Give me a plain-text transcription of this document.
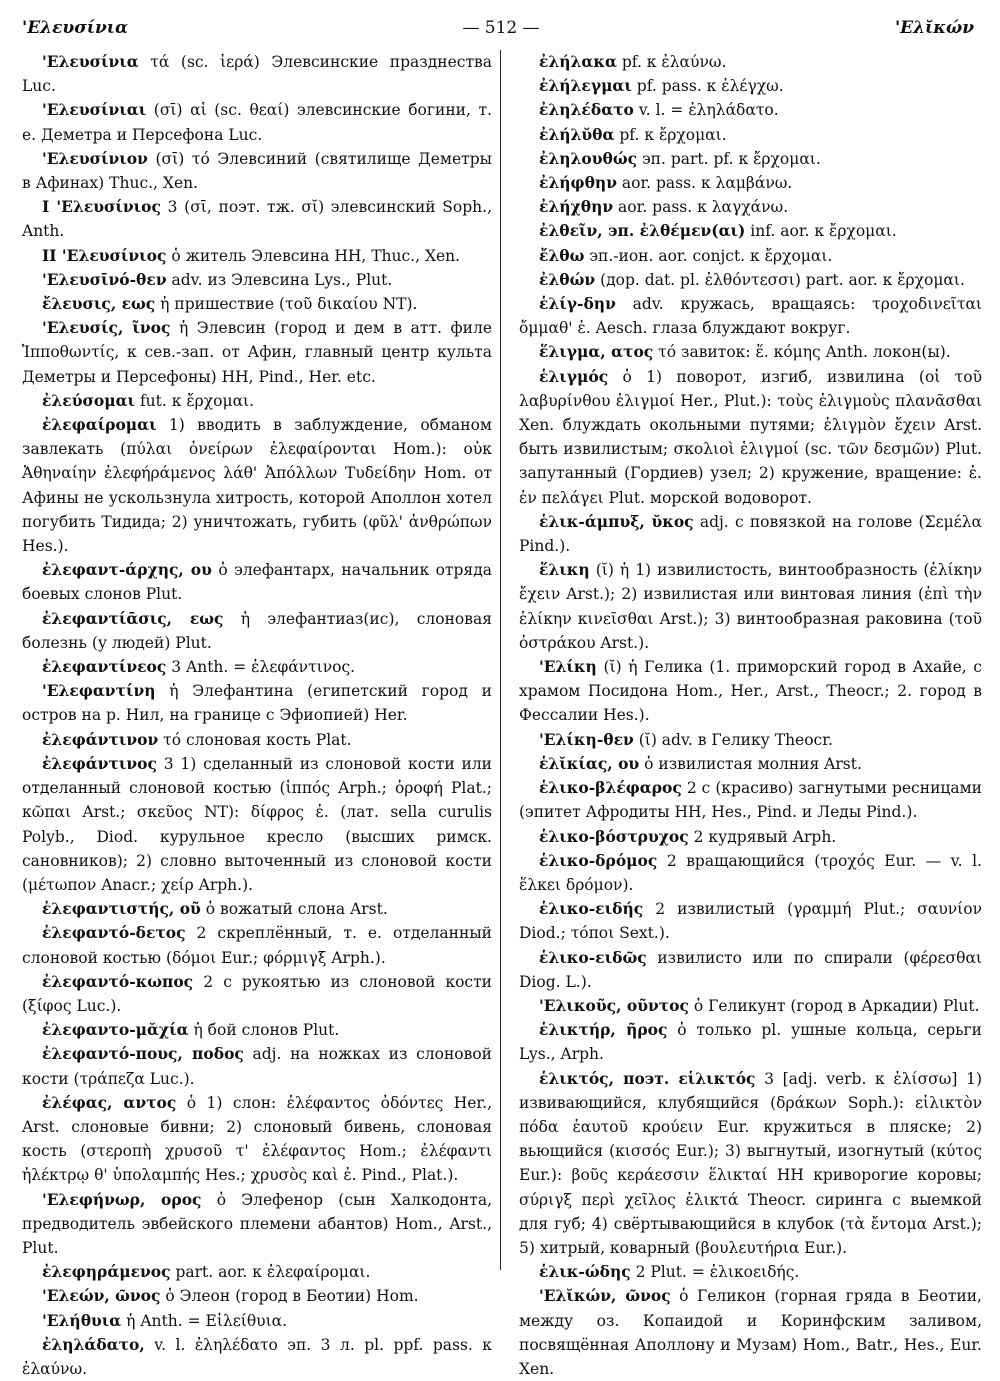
'Ελευσίνια	— 512 —	'Ελῐκών

'Ελευσίνια τά (sc. ἱερά) Элевсинские празднества Luc.

'Ελευσίνιαι (σῑ) αἱ (sc. θεαί) элевсинские богини, т. е. Деметра и Персефона Luc.

'Ελευσίνιον (σῑ) τό Элевсиний (святилище Деметры в Афинах) Thuc., Xen.

I 'Ελευσίνιος 3 (σῑ, поэт. тж. σῐ) элевсинский Soph., Anth.

II 'Ελευσίνιος ὁ житель Элевсина HH, Thuc., Xen.

'Ελευσῑνό-θεν adv. из Элевсина Lys., Plut.

ἔλευσις, εως ἡ пришествие (τοῦ δικαίου NT).

'Ελευσίς, ῖνος ἡ Элевсин (город и дем в атт. филе Ἱπποθωντίς, к сев.-зап. от Афин, главный центр культа Деметры и Персефоны) HH, Pind., Her. etc.

ἐλεύσομαι fut. к ἔρχομαι.

ἐλεφαίρομαι 1) вводить в заблуждение, обманом завлекать (πύλαι ὀνείρων ἐλεφαίρονται Hom.): οὐκ Ἀθηναίην ἐλεφήράμενος λάθ' Ἀπόλλων Τυδείδην Hom. от Афины не ускользнула хитрость, которой Аполлон хотел погубить Тидида; 2) уничтожать, губить (φῦλ' ἀνθρώπων Hes.).

ἐλεφαντ-άρχης, ου ὁ элефантарх, начальник отряда боевых слонов Plut.

ἐλεφαντίᾱσις, εως ἡ элефантиаз(ис), слоновая болезнь (у людей) Plut.

ἐλεφαντίνεος 3 Anth. = ἐλεφάντινος.

'Ελεφαντίνη ἡ Элефантина (египетский город и остров на р. Нил, на границе с Эфиопией) Her.

ἐλεφάντινον τό слоновая кость Plat.

ἐλεφάντινος 3 1) сделанный из слоновой кости или отделанный слоновой костью (ἱππός Arph.; ὀροφή Plat.; κῶπαι Arst.; σκεῦος NT): δίφρος ἐ. (лат. sella curulis Polyb., Diod. курульное кресло (высших римск. сановников); 2) словно выточенный из слоновой кости (μέτωπον Anacr.; χείρ Arph.).

ἐλεφαντιστής, οῦ ὁ вожатый слона Arst.

ἐλεφαντό-δετος 2 скреплённый, т. е. отделанный слоновой костью (δόμοι Eur.; φόρμιγξ Arph.).

ἐλεφαντό-κωπος 2 с рукоятью из слоновой кости (ξίφος Luc.).

ἐλεφαντο-μᾰχία ἡ бой слонов Plut.

ἐλεφαντό-πους, ποδος adj. на ножках из слоновой кости (τράπεζα Luc.).

ἐλέφας, αντος ὁ 1) слон: ἐλέφαντος ὀδόντες Her., Arst. слоновые бивни; 2) слоновый бивень, слоновая кость (στεροπὴ χρυσοῦ τ' ἐλέφαντος Hom.; ἐλέφαντι ἠλέκτρῳ θ' ὑπολαμπής Hes.; χρυσὸς καὶ ἐ. Pind., Plat.).

'Ελεφήνωρ, ορος ὁ Элефенор (сын Халкодонта, предводитель эвбейского племени абантов) Hom., Arst., Plut.

ἐλεφηράμενος part. aor. к ἐλεφαίρομαι.

'Ελεών, ῶνος ὁ Элеон (город в Беотии) Hom.

'Ελήθυια ἡ Anth. = Εἰλείθυια.

ἐληλάδατο, v. l. ἐληλέδατο эп. 3 л. pl. ppf. pass. к ἐλαύνω.

ἐλήλακα pf. к ἐλαύνω.

ἐλήλεγμαι pf. pass. к ἐλέγχω.

ἐληλέδατο v. l. = ἐληλάδατο.

ἐλήλῠθα pf. к ἔρχομαι.

ἐληλουθώς эп. part. pf. к ἔρχομαι.

ἐλήφθην aor. pass. к λαμβάνω.

ἐλήχθην aor. pass. к λαγχάνω.

ἐλθεῖν, эп. ἐλθέμεν(αι) inf. aor. к ἔρχομαι.

ἔλθω эп.-ион. aor. conjct. к ἔρχομαι.

ἐλθών (дор. dat. pl. ἐλθόντεσσι) part. aor. к ἔρχομαι.

ἑλίγ-δην adv. кружась, вращаясь: τροχοδινεῖται ὄμμαθ' ἑ. Aesch. глаза блуждают вокруг.

ἕλιγμα, ατος τό завиток: ἕ. κόμης Anth. локон(ы).

ἑλιγμός ὁ 1) поворот, изгиб, извилина (οἱ τοῦ λαβυρίνθου ἑλιγμοί Her., Plut.): τοὺς ἑλιγμοὺς πλανᾶσθαι Xen. блуждать окольными путями; ἑλιγμὸν ἔχειν Arst. быть извилистым; σκολιοὶ ἑλιγμοί (sc. τῶν δεσμῶν) Plut. запутанный (Гордиев) узел; 2) кружение, вращение: ἑ. ἐν πελάγει Plut. морской водоворот.

ἑλικ-άμπυξ, ῠκος adj. с повязкой на голове (Σεμέλα Pind.).

ἕλικη (ῐ) ἡ 1) извилистость, винтообразность (ἑλίκην ἔχειν Arst.); 2) извилистая или винтовая линия (ἐπὶ τὴν ἑλίκην κινεῖσθαι Arst.); 3) винтообразная раковина (τοῦ ὀστράκου Arst.).

'Ελίκη (ῐ) ἡ Гелика (1. приморский город в Ахайе, с храмом Посидона Hom., Her., Arst., Theocr.; 2. город в Фессалии Hes.).

'Ελίκη-θεν (ῐ) adv. в Гелику Theocr.

ἑλῐκίας, ου ὁ извилистая молния Arst.

ἑλικο-βλέφαρος 2 с (красиво) загнутыми ресницами (эпитет Афродиты HH, Hes., Pind. и Леды Pind.).

ἑλικο-βόστρυχος 2 кудрявый Arph.

ἑλικο-δρόμος 2 вращающийся (τροχός Eur. — v. l. ἕλκει δρόμον).

ἑλικο-ειδής 2 извилистый (γραμμή Plut.; σαυνίον Diod.; τόποι Sext.).

ἑλικο-ειδῶς извилисто или по спирали (φέρεσθαι Diog. L.).

'Ελικοῦς, οῦντος ὁ Геликунт (город в Аркадии) Plut.

ἑλικτήρ, ῆρος ὁ только pl. ушные кольца, серьги Lys., Arph.

ἑλικτός, поэт. εἱλικτός 3 [adj. verb. к ἑλίσσω] 1) извивающийся, клубящийся (δράκων Soph.): εἱλικτὸν πόδα ἑαυτοῦ κρούειν Eur. кружиться в пляске; 2) вьющийся (κισσός Eur.); 3) выгнутый, изогнутый (κύτος Eur.): βοῦς κεράεσσιν ἕλικταί HH криворогие коровы; σύριγξ περὶ χεῖλος ἑλικτά Theocr. сиринга с выемкой для губ; 4) свёртывающийся в клубок (τὰ ἔντομα Arst.); 5) хитрый, коварный (βουλευτήρια Eur.).

ἑλικ-ώδης 2 Plut. = ἑλικοειδής.

'Ελῐκών, ῶνος ὁ Геликон (горная гряда в Беотии, между оз. Копаидой и Коринфским заливом, посвящённая Аполлону и Музам) Hom., Batr., Hes., Eur. Xen.
